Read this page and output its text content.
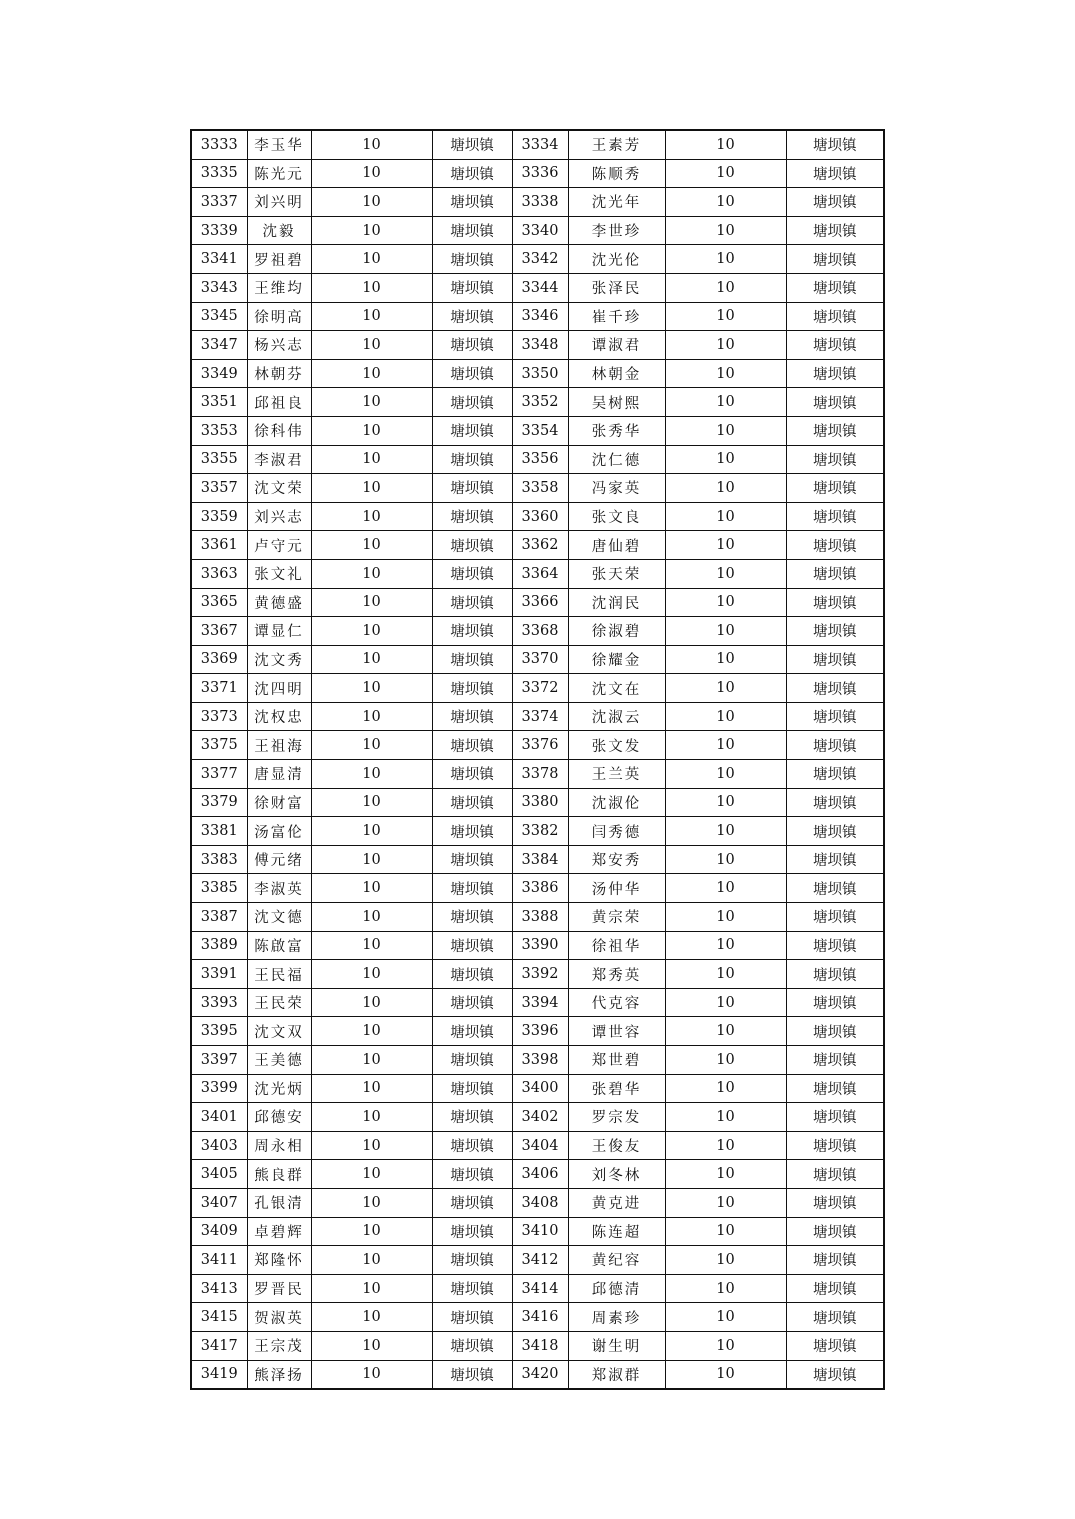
3333	李玉华	10	塘坝镇	3334	王素芳	10	塘坝镇
3335	陈光元	10	塘坝镇	3336	陈顺秀	10	塘坝镇
3337	刘兴明	10	塘坝镇	3338	沈光年	10	塘坝镇
3339	沈毅	10	塘坝镇	3340	李世珍	10	塘坝镇
3341	罗祖碧	10	塘坝镇	3342	沈光伦	10	塘坝镇
3343	王维均	10	塘坝镇	3344	张泽民	10	塘坝镇
3345	徐明高	10	塘坝镇	3346	崔千珍	10	塘坝镇
3347	杨兴志	10	塘坝镇	3348	谭淑君	10	塘坝镇
3349	林朝芬	10	塘坝镇	3350	林朝金	10	塘坝镇
3351	邱祖良	10	塘坝镇	3352	吴树熙	10	塘坝镇
3353	徐科伟	10	塘坝镇	3354	张秀华	10	塘坝镇
3355	李淑君	10	塘坝镇	3356	沈仁德	10	塘坝镇
3357	沈文荣	10	塘坝镇	3358	冯家英	10	塘坝镇
3359	刘兴志	10	塘坝镇	3360	张文良	10	塘坝镇
3361	卢守元	10	塘坝镇	3362	唐仙碧	10	塘坝镇
3363	张文礼	10	塘坝镇	3364	张天荣	10	塘坝镇
3365	黄德盛	10	塘坝镇	3366	沈润民	10	塘坝镇
3367	谭显仁	10	塘坝镇	3368	徐淑碧	10	塘坝镇
3369	沈文秀	10	塘坝镇	3370	徐耀金	10	塘坝镇
3371	沈四明	10	塘坝镇	3372	沈文在	10	塘坝镇
3373	沈权忠	10	塘坝镇	3374	沈淑云	10	塘坝镇
3375	王祖海	10	塘坝镇	3376	张文发	10	塘坝镇
3377	唐显清	10	塘坝镇	3378	王兰英	10	塘坝镇
3379	徐财富	10	塘坝镇	3380	沈淑伦	10	塘坝镇
3381	汤富伦	10	塘坝镇	3382	闫秀德	10	塘坝镇
3383	傅元绪	10	塘坝镇	3384	郑安秀	10	塘坝镇
3385	李淑英	10	塘坝镇	3386	汤仲华	10	塘坝镇
3387	沈文德	10	塘坝镇	3388	黄宗荣	10	塘坝镇
3389	陈啟富	10	塘坝镇	3390	徐祖华	10	塘坝镇
3391	王民福	10	塘坝镇	3392	郑秀英	10	塘坝镇
3393	王民荣	10	塘坝镇	3394	代克容	10	塘坝镇
3395	沈文双	10	塘坝镇	3396	谭世容	10	塘坝镇
3397	王美德	10	塘坝镇	3398	郑世碧	10	塘坝镇
3399	沈光炳	10	塘坝镇	3400	张碧华	10	塘坝镇
3401	邱德安	10	塘坝镇	3402	罗宗发	10	塘坝镇
3403	周永相	10	塘坝镇	3404	王俊友	10	塘坝镇
3405	熊良群	10	塘坝镇	3406	刘冬林	10	塘坝镇
3407	孔银清	10	塘坝镇	3408	黄克进	10	塘坝镇
3409	卓碧辉	10	塘坝镇	3410	陈连超	10	塘坝镇
3411	郑隆怀	10	塘坝镇	3412	黄纪容	10	塘坝镇
3413	罗晋民	10	塘坝镇	3414	邱德清	10	塘坝镇
3415	贺淑英	10	塘坝镇	3416	周素珍	10	塘坝镇
3417	王宗茂	10	塘坝镇	3418	谢生明	10	塘坝镇
3419	熊泽扬	10	塘坝镇	3420	郑淑群	10	塘坝镇
